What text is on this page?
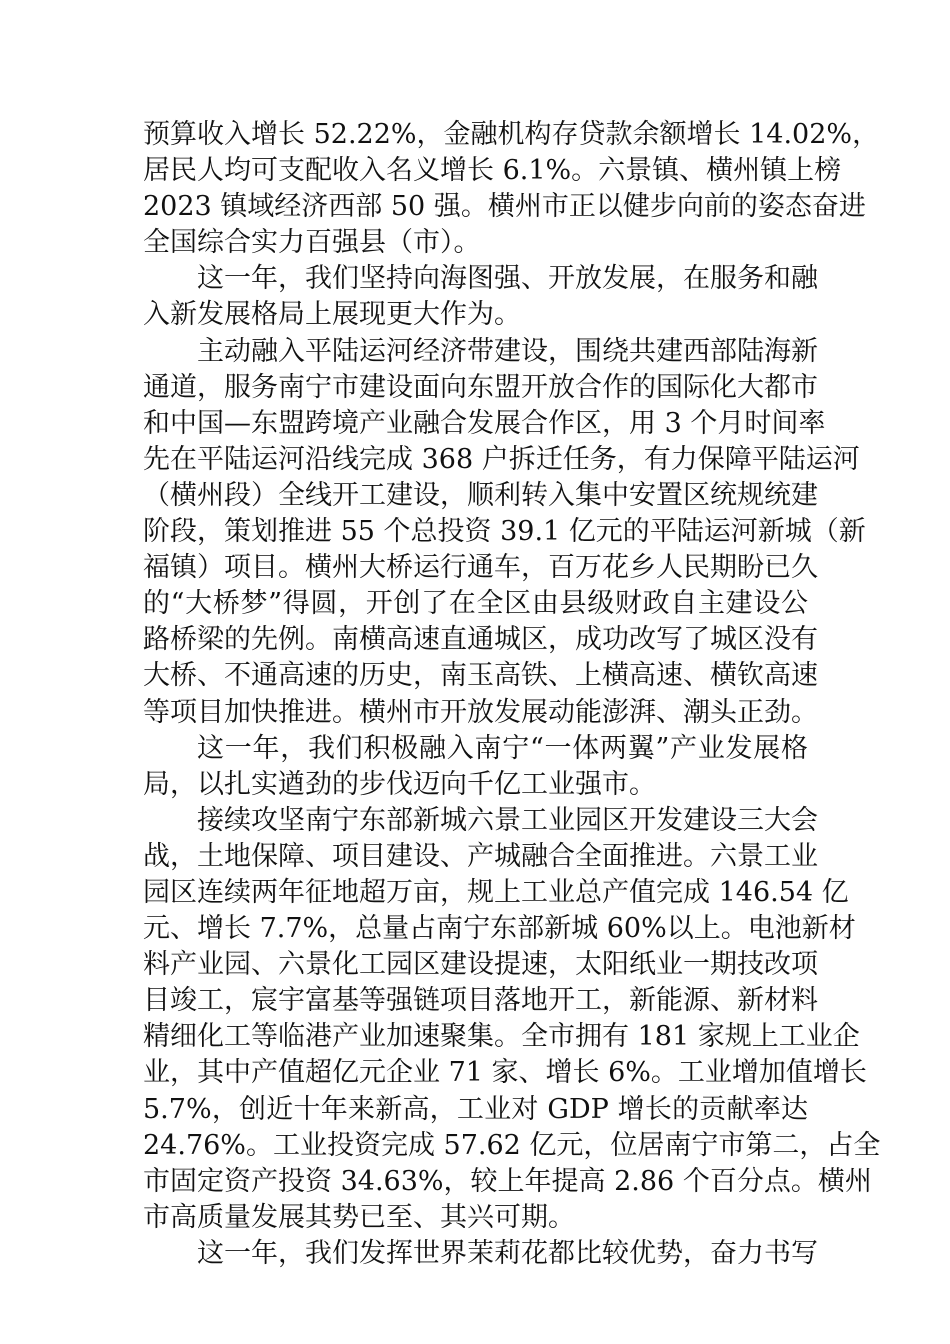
预算收入增长 52.22%，金融机构存贷款余额增长 14.02%，
居民人均可支配收入名义增长 6.1%。六景镇、横州镇上榜
2023 镇域经济西部 50 强。横州市正以健步向前的姿态奋进
全国综合实力百强县（市）。
这一年，我们坚持向海图强、开放发展，在服务和融
入新发展格局上展现更大作为。
主动融入平陆运河经济带建设，围绕共建西部陆海新
通道，服务南宁市建设面向东盟开放合作的国际化大都市
和中国—东盟跨境产业融合发展合作区，用 3 个月时间率
先在平陆运河沿线完成 368 户拆迁任务，有力保障平陆运河
（横州段）全线开工建设，顺利转入集中安置区统规统建
阶段，策划推进 55 个总投资 39.1 亿元的平陆运河新城（新
福镇）项目。横州大桥运行通车，百万花乡人民期盼已久
的“大桥梦”得圆，开创了在全区由县级财政自主建设公
路桥梁的先例。南横高速直通城区，成功改写了城区没有
大桥、不通高速的历史，南玉高铁、上横高速、横钦高速
等项目加快推进。横州市开放发展动能澎湃、潮头正劲。
这一年，我们积极融入南宁“一体两翼”产业发展格
局，以扎实遒劲的步伐迈向千亿工业强市。
接续攻坚南宁东部新城六景工业园区开发建设三大会
战，土地保障、项目建设、产城融合全面推进。六景工业
园区连续两年征地超万亩，规上工业总产值完成 146.54 亿
元、增长 7.7%，总量占南宁东部新城 60%以上。电池新材
料产业园、六景化工园区建设提速，太阳纸业一期技改项
目竣工，宸宇富基等强链项目落地开工，新能源、新材料
精细化工等临港产业加速聚集。全市拥有 181 家规上工业企
业，其中产值超亿元企业 71 家、增长 6%。工业增加值增长
5.7%，创近十年来新高，工业对 GDP 增长的贡献率达
24.76%。工业投资完成 57.62 亿元，位居南宁市第二，占全
市固定资产投资 34.63%，较上年提高 2.86 个百分点。横州
市高质量发展其势已至、其兴可期。
这一年，我们发挥世界茉莉花都比较优势，奋力书写
